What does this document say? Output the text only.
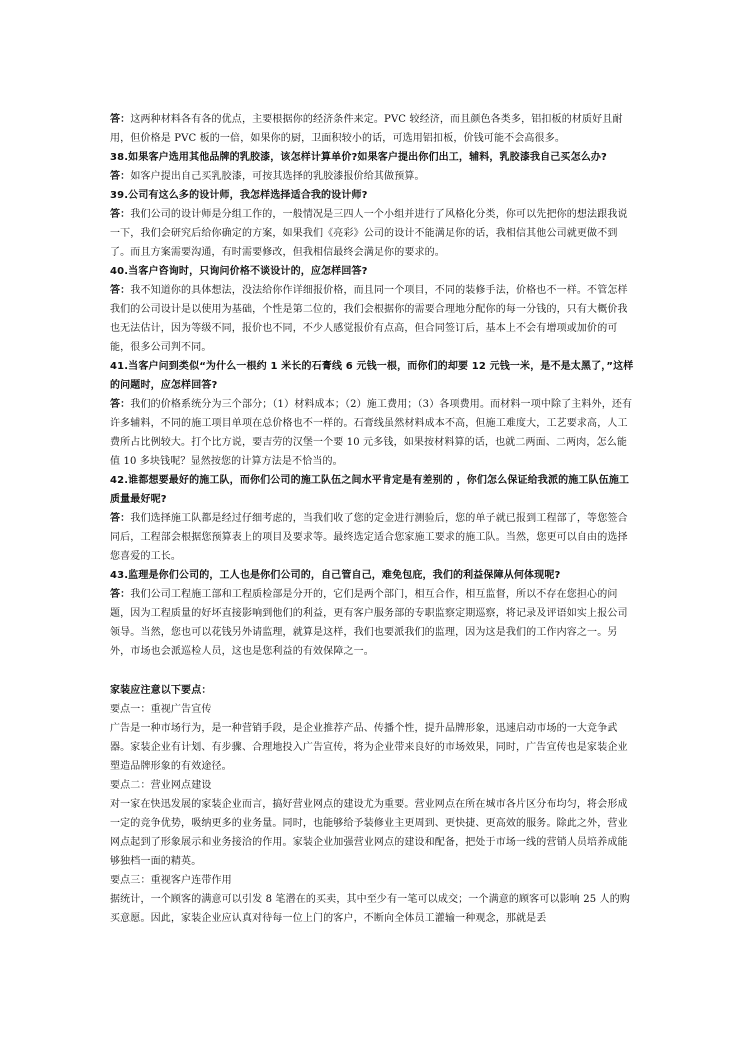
答：这两种材料各有各的优点，主要根据你的经济条件来定。PVC 较经济，而且颜色各类多，铝扣板的材质好且耐用，但价格是 PVC 板的一倍，如果你的厨，卫面积较小的话，可选用铝扣板，价钱可能不会高很多。

38.如果客户选用其他品牌的乳胶漆，该怎样计算单价?如果客户提出你们出工，辅料，乳胶漆我自己买怎么办?

答：如客户提出自己买乳胶漆，可按其选择的乳胶漆报价给其做预算。

39.公司有这么多的设计师，我怎样选择适合我的设计师?

答：我们公司的设计师是分组工作的，一般情况是三四人一个小组并进行了风格化分类，你可以先把你的想法跟我说一下，我们会研究后给你确定的方案，如果我们《亮彩》公司的设计不能满足你的话，我相信其他公司就更做不到了。而且方案需要沟通，有时需要修改，但我相信最终会满足你的要求的。

40.当客户咨询时，只询问价格不谈设计的，应怎样回答?

答：我不知道你的具体想法，没法给你作详细报价格，而且同一个项目，不同的装修手法，价格也不一样。不管怎样我们的公司设计是以使用为基础，个性是第二位的，我们会根据你的需要合理地分配你的每一分钱的，只有大概价我也无法估计，因为等级不同，报价也不同，不少人感觉报价有点高，但合同签订后，基本上不会有增项或加价的可能，很多公司判不同。

41.当客户问到类似“为什么一根约 1 米长的石膏线 6 元钱一根，而你们的却要 12 元钱一米，是不是太黑了，”这样的问题时，应怎样回答?

答：我们的价格系统分为三个部分；（1）材料成本；（2）施工费用；（3）各项费用。而材料一项中除了主料外，还有许多辅料，不同的施工项目单项在总价格也不一样的。石膏线虽然材料成本不高，但施工难度大，工艺要求高，人工费所占比例较大。打个比方说，要吉劳的汉堡一个要 10 元多钱，如果按材料算的话，也就二两面、二两肉，怎么能值 10 多块钱呢？显然按您的计算方法是不恰当的。

42.谁都想要最好的施工队，而你们公司的施工队伍之间水平肯定是有差别的 ，你们怎么保证给我派的施工队伍施工质量最好呢?

答：我们选择施工队都是经过仔细考虑的，当我们收了您的定金进行测验后，您的单子就已报到工程部了，等您签合同后，工程部会根据您预算表上的项目及要求等。最终选定适合您家施工要求的施工队。当然，您更可以自由的选择您喜爱的工长。

43.监理是你们公司的，工人也是你们公司的，自己管自己，难免包庇，我们的利益保障从何体现呢?

答：我们公司工程施工部和工程质检部是分开的，它们是两个部门，相互合作，相互监督，所以不存在您担心的问题，因为工程质量的好坏直接影响到他们的利益，更有客户服务部的专职监察定期巡察，将记录及评语如实上报公司领导。当然，您也可以花钱另外请监理，就算是这样，我们也要派我们的监理，因为这是我们的工作内容之一。另外，市场也会派巡检人员，这也是您利益的有效保障之一。

家装应注意以下要点：

要点一：重视广告宣传

广告是一种市场行为，是一种营销手段，是企业推荐产品、传播个性，提升品牌形象，迅速启动市场的一大竞争武器。家装企业有计划、有步骤、合理地投入广告宣传，将为企业带来良好的市场效果，同时，广告宣传也是家装企业塑造品牌形象的有效途径。

要点二：营业网点建设

对一家在快迅发展的家装企业而言，搞好营业网点的建设尤为重要。营业网点在所在城市各片区分布均匀，将会形成一定的竞争优势，吸纳更多的业务量。同时，也能够给予装修业主更周到、更快捷、更高效的服务。除此之外，营业网点起到了形象展示和业务接洽的作用。家装企业加强营业网点的建设和配备，把处于市场一线的营销人员培养成能够独档一面的精英。

要点三：重视客户连带作用

据统计，一个顾客的满意可以引发 8 笔潜在的买卖，其中至少有一笔可以成交；一个满意的顾客可以影响 25 人的购买意愿。因此，家装企业应认真对待每一位上门的客户，不断向全体员工灌输一种观念，那就是丢
